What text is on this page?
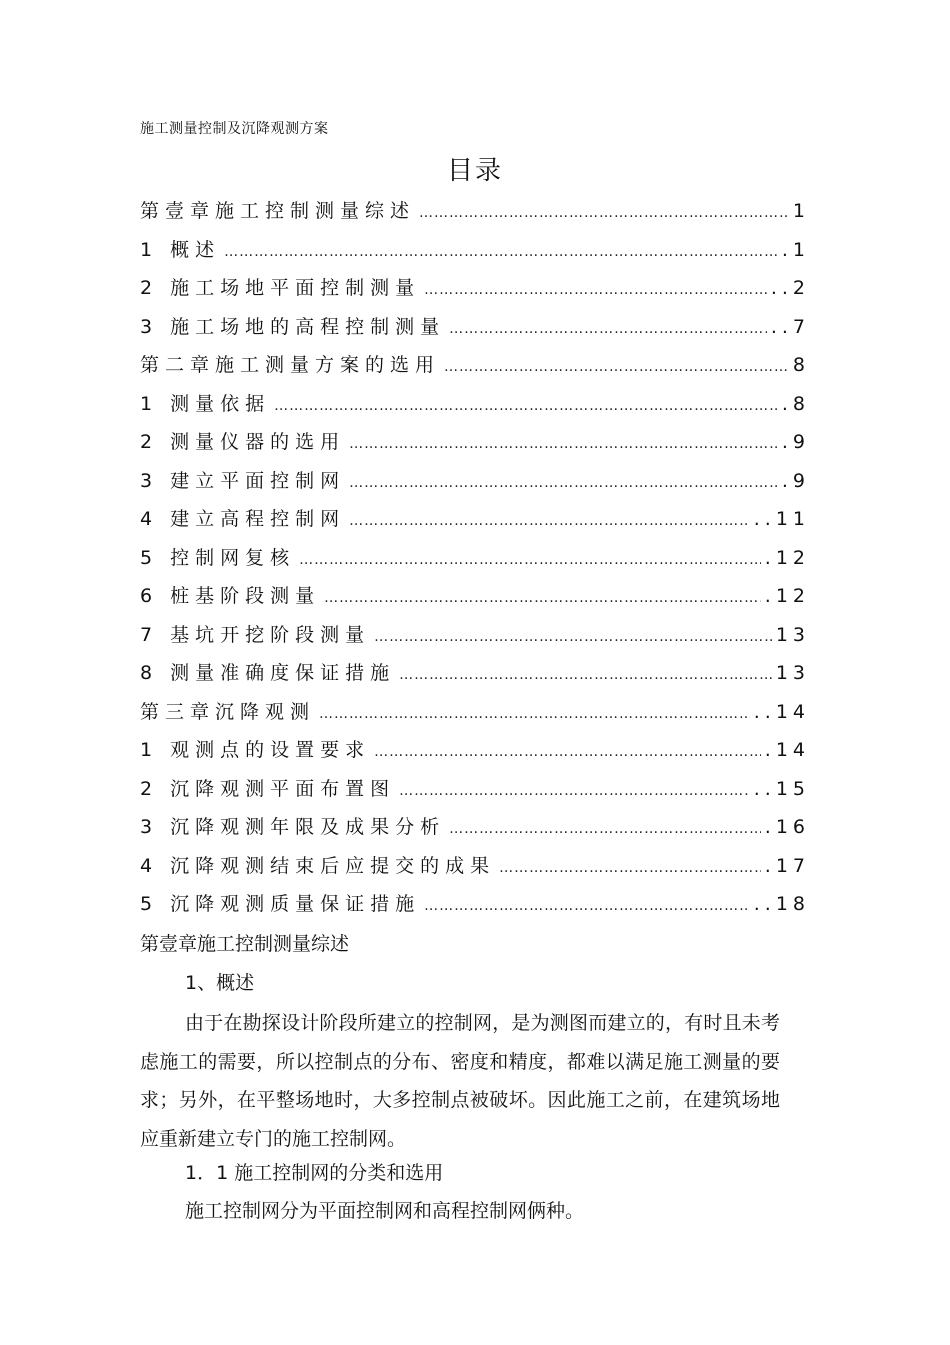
施工测量控制及沉降观测方案
目录
第壹章施工控制测量综述 …………………………………………………………………………………………………………………………………………………………………………	1
1 概述 …………………………………………………………………………………………………………………………………………………………………………	.1
2 施工场地平面控制测量 …………………………………………………………………………………………………………………………………………………………………………	..2
3 施工场地的高程控制测量 …………………………………………………………………………………………………………………………………………………………………………	..7
第二章施工测量方案的选用 …………………………………………………………………………………………………………………………………………………………………………	8
1 测量依据 …………………………………………………………………………………………………………………………………………………………………………	.8
2 测量仪器的选用 …………………………………………………………………………………………………………………………………………………………………………	.9
3 建立平面控制网 …………………………………………………………………………………………………………………………………………………………………………	.9
4 建立高程控制网 …………………………………………………………………………………………………………………………………………………………………………	..11
5 控制网复核 …………………………………………………………………………………………………………………………………………………………………………	.12
6 桩基阶段测量 …………………………………………………………………………………………………………………………………………………………………………	.12
7 基坑开挖阶段测量 …………………………………………………………………………………………………………………………………………………………………………	13
8 测量准确度保证措施 …………………………………………………………………………………………………………………………………………………………………………	13
第三章沉降观测 …………………………………………………………………………………………………………………………………………………………………………	..14
1 观测点的设置要求 …………………………………………………………………………………………………………………………………………………………………………	.14
2 沉降观测平面布置图 …………………………………………………………………………………………………………………………………………………………………………	..15
3 沉降观测年限及成果分析 …………………………………………………………………………………………………………………………………………………………………………	.16
4 沉降观测结束后应提交的成果 …………………………………………………………………………………………………………………………………………………………………………	.17
5 沉降观测质量保证措施 …………………………………………………………………………………………………………………………………………………………………………	..18
第壹章施工控制测量综述
1、概述
由于在勘探设计阶段所建立的控制网，是为测图而建立的，有时且未考虑施工的需要，所以控制点的分布、密度和精度，都难以满足施工测量的要求；另外，在平整场地时，大多控制点被破坏。因此施工之前，在建筑场地应重新建立专门的施工控制网。
1．1 施工控制网的分类和选用
施工控制网分为平面控制网和高程控制网俩种。
